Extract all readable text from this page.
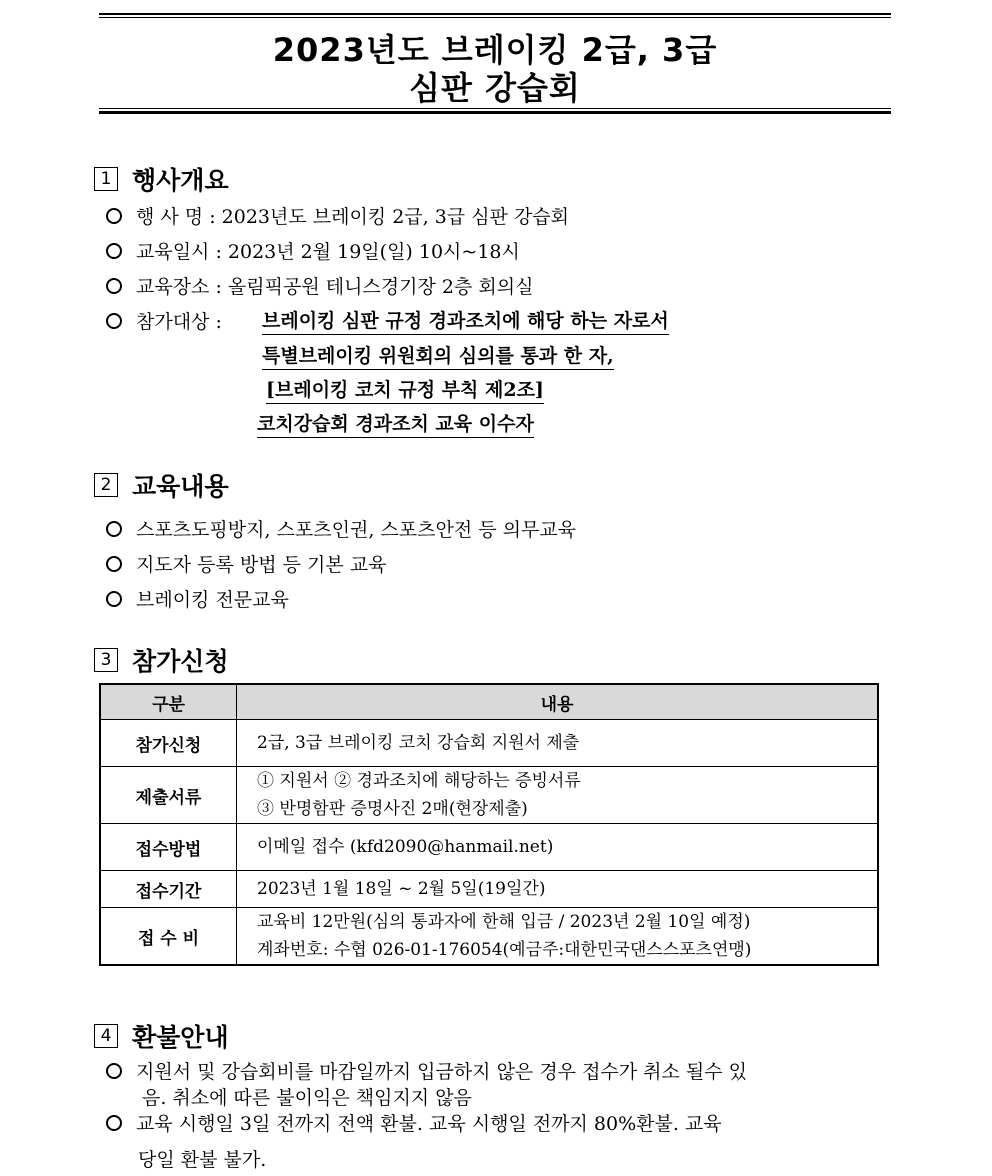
2023년도 브레이킹 2급, 3급
심판 강습회
1 행사개요
행 사 명 : 2023년도 브레이킹 2급, 3급 심판 강습회
교육일시 : 2023년 2월 19일(일) 10시~18시
교육장소 : 올림픽공원 테니스경기장 2층 회의실
참가대상 : 브레이킹 심판 규정 경과조치에 해당 하는 자로서
특별브레이킹 위원회의 심의를 통과 한 자,
[브레이킹 코치 규정 부칙 제2조]
코치강습회 경과조치 교육 이수자
2 교육내용
스포츠도핑방지, 스포츠인권, 스포츠안전 등 의무교육
지도자 등록 방법 등 기본 교육
브레이킹 전문교육
3 참가신청
구분	내용
참가신청	2급, 3급 브레이킹 코치 강습회 지원서 제출

제출서류	① 지원서 ② 경과조치에 해당하는 증빙서류
③ 반명함판 증명사진 2매(현장제출)

접수방법	이메일 접수 (kfd2090@hanmail.net)

접수기간	2023년 1월 18일 ~ 2월 5일(19일간)

접 수 비	교육비 12만원(심의 통과자에 한해 입금 / 2023년 2월 10일 예정)
계좌번호: 수협 026-01-176054(예금주:대한민국댄스스포츠연맹)
4 환불안내
지원서 및 강습회비를 마감일까지 입금하지 않은 경우 접수가 취소 될수 있
음. 취소에 따른 불이익은 책임지지 않음
교육 시행일 3일 전까지 전액 환불. 교육 시행일 전까지 80%환불. 교육
당일 환불 불가.
